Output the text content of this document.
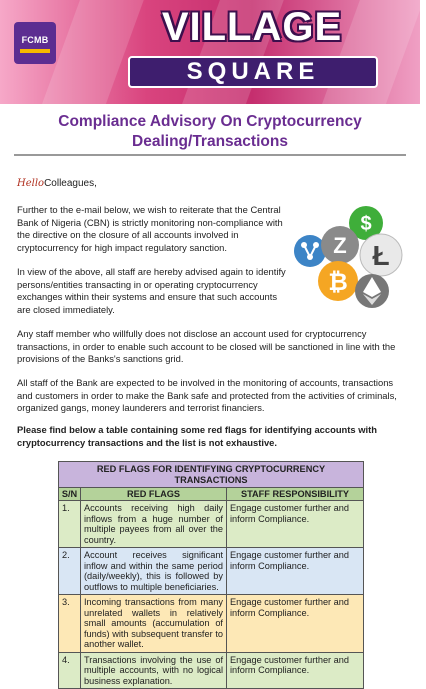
FCMB	VILLAGE
SQUARE
Compliance Advisory On Cryptocurrency Dealing/Transactions
HelloColleagues,
Further to the e-mail below, we wish to reiterate that the Central Bank of Nigeria (CBN) is strictly monitoring non-compliance with the directive on the closure of all accounts involved in cryptocurrency for high impact regulatory sanction.
In view of the above, all staff are hereby advised again to identify persons/entities transacting in or operating cryptocurrency exchanges within their systems and ensure that such accounts are closed immediately.
Any staff member who willfully does not disclose an account used for cryptocurrency transactions, in order to enable such account to be closed will be sanctioned in line with the provisions of the Banks's sanctions grid.
All staff of the Bank are expected to be involved in the monitoring of accounts, transactions and customers in order to make the Bank safe and protected from the activities of criminals, organized gangs, money launderers and terrorist financiers.
Please find below a table containing some red flags for identifying accounts with cryptocurrency transactions and the list is not exhaustive.
$
Z Ł
₿
RED FLAGS FOR IDENTIFYING CRYPTOCURRENCY TRANSACTIONS		
S/N	RED FLAGS	STAFF RESPONSIBILITY
1.	Accounts receiving high daily inflows from a huge number of multiple payees from all over the country.	Engage customer further and inform Compliance.
2.	Account receives significant inflow and within the same period (daily/weekly), this is followed by outflows to multiple beneficiaries.	Engage customer further and inform Compliance.
3.	Incoming transactions from many unrelated wallets in relatively small amounts (accumulation of funds) with subsequent transfer to another wallet.	Engage customer further and inform Compliance.
4.	Transactions involving the use of multiple accounts, with no logical business explanation.	Engage customer further and inform Compliance.
